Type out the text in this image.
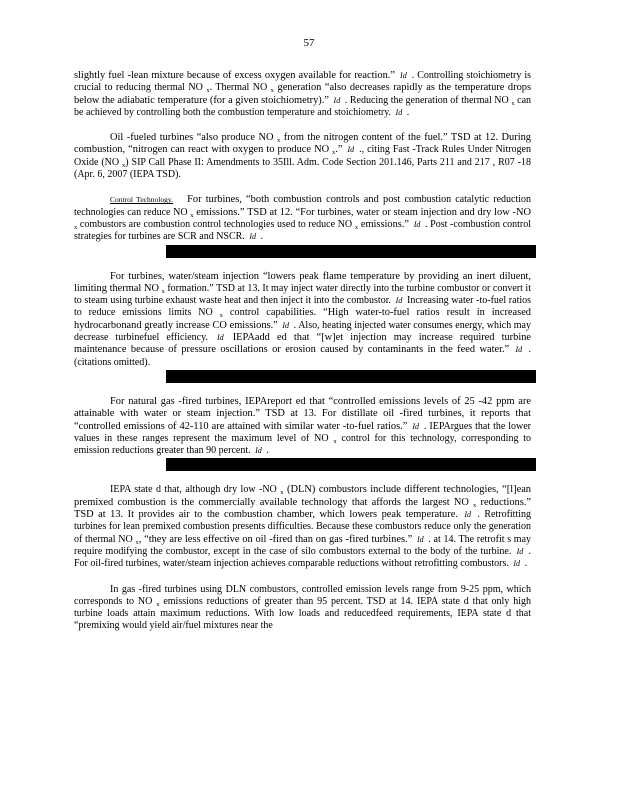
57

slightly fuel -lean mixture because of excess oxygen available for reaction.” Id . Controlling stoichiometry is crucial to reducing thermal NO $_x$. Thermal NO $_x$ generation “also decreases rapidly as the temperature drops below the adiabatic temperature (for a given stoichiometry).” Id . Reducing the generation of thermal NO $_x$ can be achieved by controlling both the combustion temperature and stoichiometry. Id .

Oil -fueled turbines “also produce NO $_x$ from the nitrogen content of the fuel.” TSD at 12. During combustion, “nitrogen can react with oxygen to produce NO $_x$.” Id ., citing Fast -Track Rules Under Nitrogen Oxide (NO $_x$) SIP Call Phase II: Amendments to 35Ill. Adm. Code Section 201.146, Parts 211 and 217 , R07 -18 (Apr. 6, 2007 (IEPA TSD).

Control Technology. For turbines, “both combustion controls and post combustion catalytic reduction technologies can reduce NO $_x$ emissions.” TSD at 12. “For turbines, water or steam injection and dry low -NO $_x$ combustors are combustion control technologies used to reduce NO $_x$ emissions.” Id . Post -combustion control strategies for turbines are SCR and NSCR. Id .

For turbines, water/steam injection “lowers peak flame temperature by providing an inert diluent, limiting thermal NO $_x$ formation.” TSD at 13. It may inject water directly into the turbine combustor or convert it to steam using turbine exhaust waste heat and then inject it into the combustor. Id Increasing water -to-fuel ratios to reduce emissions limits NO $_x$ control capabilities. “High water-to-fuel ratios result in increased hydrocarbonand greatly increase CO emissions.” Id . Also, heating injected water consumes energy, which may decrease turbinefuel efficiency. Id IEPAadd ed that “[w]et injection may increase required turbine maintenance because of pressure oscillations or erosion caused by contaminants in the feed water.” Id . (citations omitted).

For natural gas -fired turbines, IEPAreport ed that “controlled emissions levels of 25 -42 ppm are attainable with water or steam injection.” TSD at 13. For distillate oil -fired turbines, it reports that “controlled emissions of 42-110 are attained with similar water -to-fuel ratios.” Id . IEPArgues that the lower values in these ranges represent the maximum level of NO $_x$ control for this technology, corresponding to emission reductions greater than 90 percent. Id .

IEPA state d that, although dry low -NO $_x$ (DLN) combustors include different technologies, “[l]ean premixed combustion is the commercially available technology that affords the largest NO $_x$ reductions.” TSD at 13. It provides air to the combustion chamber, which lowers peak temperature. Id . Retrofitting turbines for lean premixed combustion presents difficulties. Because these combustors reduce only the generation of thermal NO $_x$, “they are less effective on oil -fired than on gas -fired turbines.” Id . at 14. The retrofit s may require modifying the combustor, except in the case of silo combustors external to the body of the turbine. Id . For oil-fired turbines, water/steam injection achieves comparable reductions without retrofitting combustors. Id .

In gas -fired turbines using DLN combustors, controlled emission levels range from 9-25 ppm, which corresponds to NO $_x$ emissions reductions of greater than 95 percent. TSD at 14. IEPA state d that only high turbine loads attain maximum reductions. With low loads and reducedfeed requirements, IEPA state d that “premixing would yield air/fuel mixtures near the
